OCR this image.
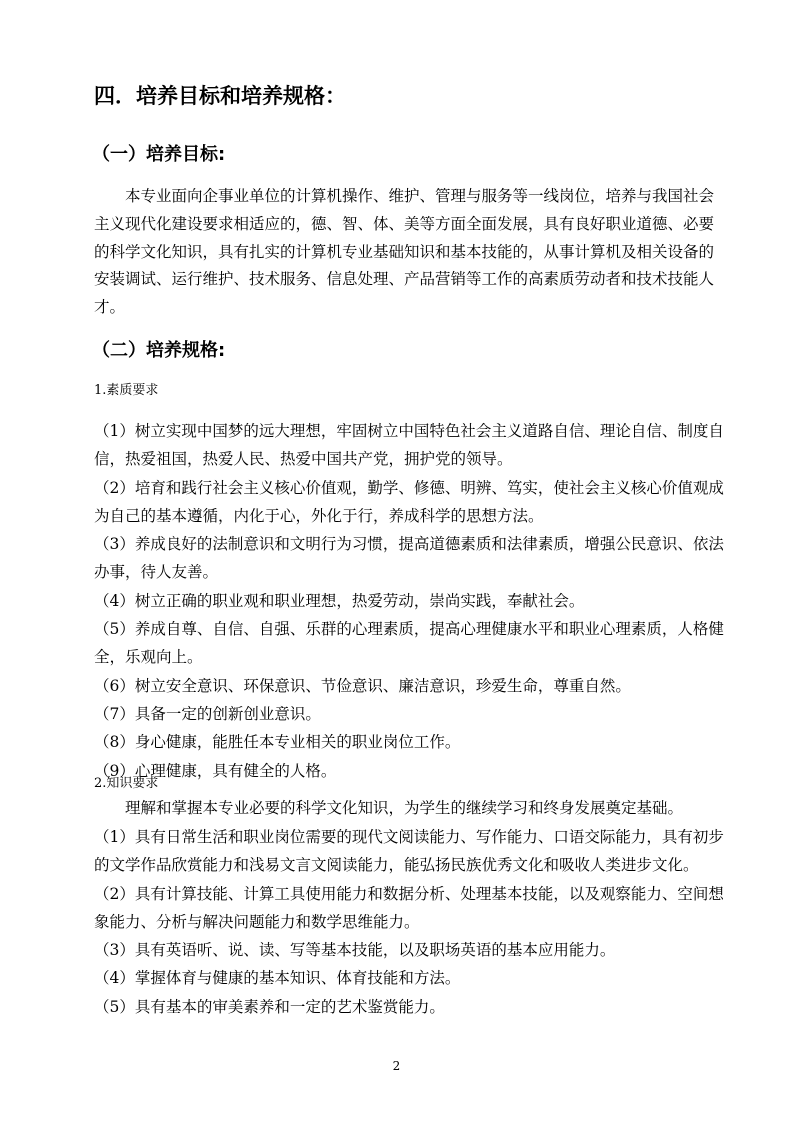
四．培养目标和培养规格：
（一）培养目标:

本专业面向企事业单位的计算机操作、维护、管理与服务等一线岗位，培养与我国社会主义现代化建设要求相适应的，德、智、体、美等方面全面发展，具有良好职业道德、必要的科学文化知识，具有扎实的计算机专业基础知识和基本技能的，从事计算机及相关设备的安装调试、运行维护、技术服务、信息处理、产品营销等工作的高素质劳动者和技术技能人才。

（二）培养规格:
1.素质要求
（1）树立实现中国梦的远大理想，牢固树立中国特色社会主义道路自信、理论自信、制度自信，热爱祖国，热爱人民、热爱中国共产党，拥护党的领导。
（2）培育和践行社会主义核心价值观，勤学、修德、明辨、笃实，使社会主义核心价值观成为自己的基本遵循，内化于心，外化于行，养成科学的思想方法。
（3）养成良好的法制意识和文明行为习惯，提高道德素质和法律素质，增强公民意识、依法办事，待人友善。
（4）树立正确的职业观和职业理想，热爱劳动，崇尚实践，奉献社会。
（5）养成自尊、自信、自强、乐群的心理素质，提高心理健康水平和职业心理素质，人格健全，乐观向上。
（6）树立安全意识、环保意识、节俭意识、廉洁意识，珍爱生命，尊重自然。
（7）具备一定的创新创业意识。
（8）身心健康，能胜任本专业相关的职业岗位工作。
（9）心理健康，具有健全的人格。
2.知识要求

理解和掌握本专业必要的科学文化知识，为学生的继续学习和终身发展奠定基础。

（1）具有日常生活和职业岗位需要的现代文阅读能力、写作能力、口语交际能力，具有初步的文学作品欣赏能力和浅易文言文阅读能力，能弘扬民族优秀文化和吸收人类进步文化。
（2）具有计算技能、计算工具使用能力和数据分析、处理基本技能，以及观察能力、空间想象能力、分析与解决问题能力和数学思维能力。
（3）具有英语听、说、读、写等基本技能，以及职场英语的基本应用能力。
（4）掌握体育与健康的基本知识、体育技能和方法。
（5）具有基本的审美素养和一定的艺术鉴赏能力。
2
